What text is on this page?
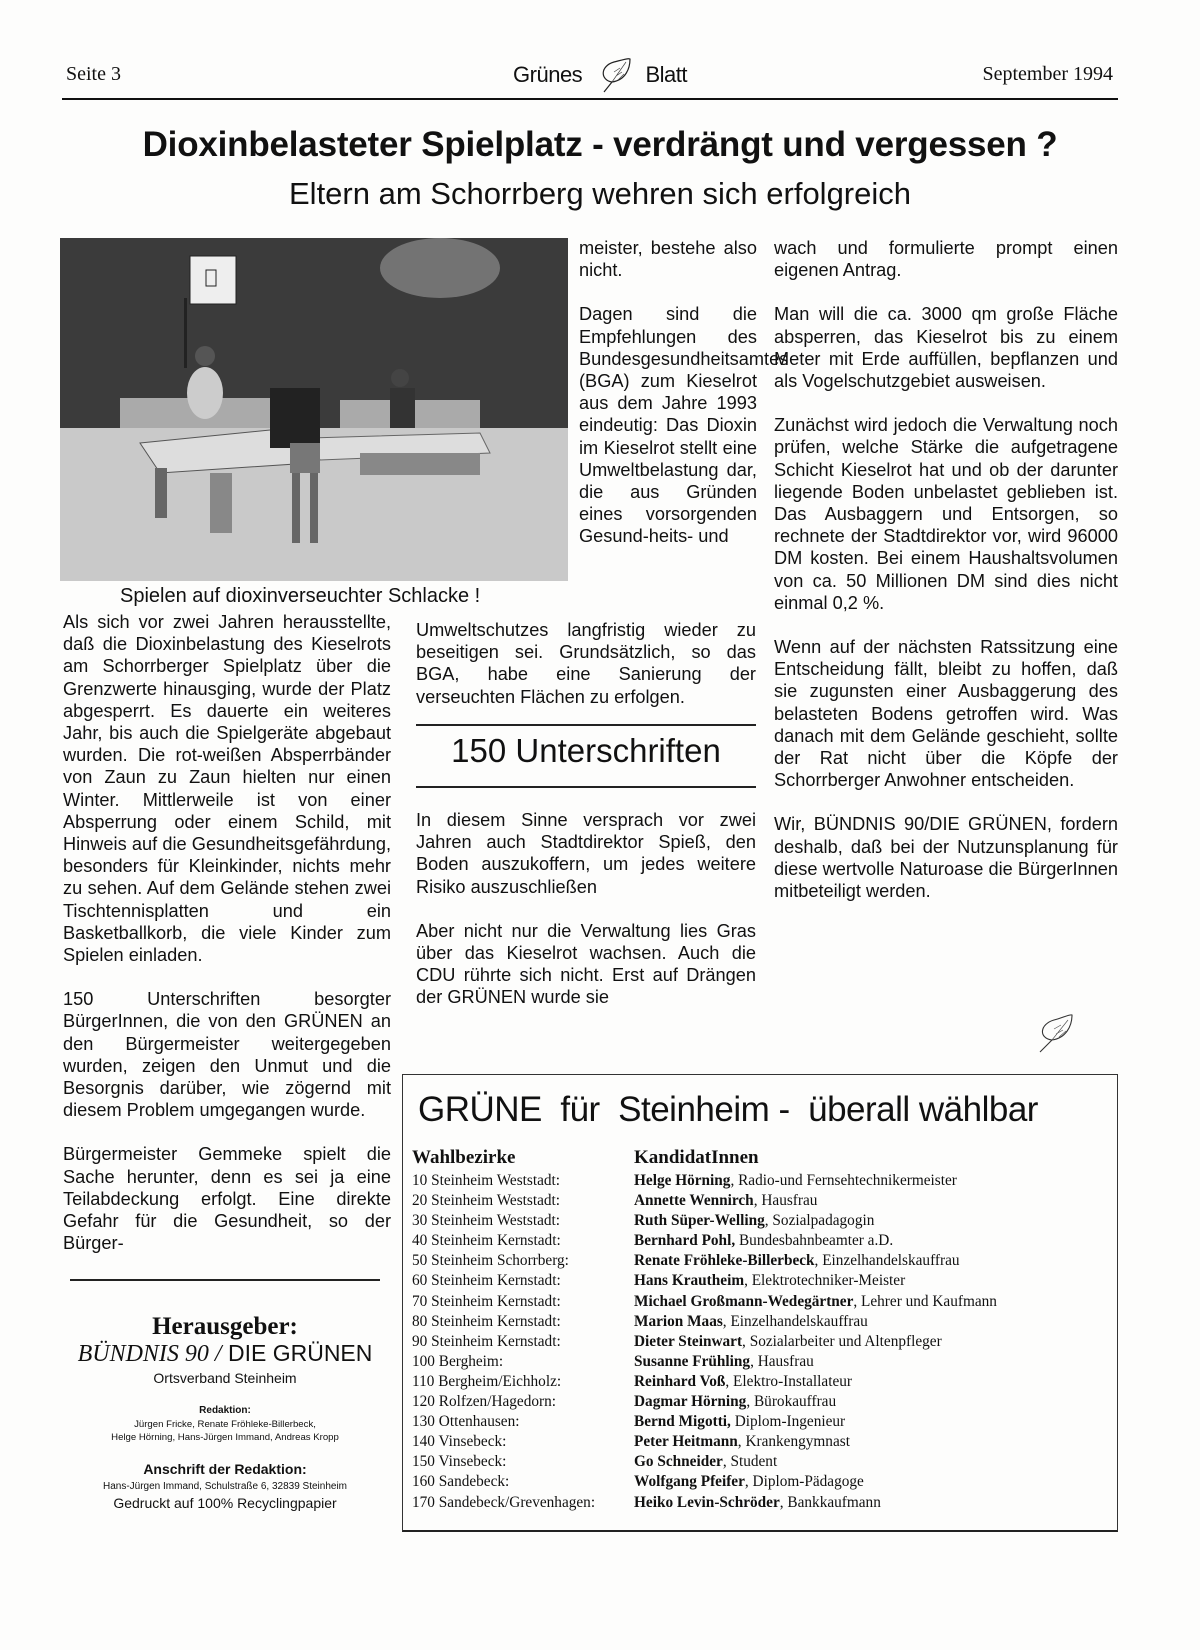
Seite 3	Grünes	Blatt	September 1994
Dioxinbelasteter Spielplatz - verdrängt und vergessen ?
Eltern am Schorrberg wehren sich erfolgreich
Spielen auf dioxinverseuchter Schlacke !

Als sich vor zwei Jahren herausstellte, daß die Dioxinbelastung des Kieselrots am Schorrberger Spielplatz über die Grenzwerte hinausging, wurde der Platz abgesperrt. Es dauerte ein weiteres Jahr, bis auch die Spielgeräte abgebaut wurden. Die rot-weißen Absperrbänder von Zaun zu Zaun hielten nur einen Winter. Mittlerweile ist von einer Absperrung oder einem Schild, mit Hinweis auf die Gesundheitsgefährdung, besonders für Kleinkinder, nichts mehr zu sehen. Auf dem Gelände stehen zwei Tischtennisplatten und ein Basketballkorb, die viele Kinder zum Spielen einladen.

150 Unterschriften besorgter BürgerInnen, die von den GRÜNEN an den Bürgermeister weitergegeben wurden, zeigen den Unmut und die Besorgnis darüber, wie zögernd mit diesem Problem umgegangen wurde.

Bürgermeister Gemmeke spielt die Sache herunter, denn es sei ja eine Teilabdeckung erfolgt. Eine direkte Gefahr für die Gesundheit, so der Bürger-

meister, bestehe also nicht.

Dagen sind die Empfehlungen des Bundesgesundheitsamtes (BGA) zum Kieselrot aus dem Jahre 1993 eindeutig: Das Dioxin im Kieselrot stellt eine Umweltbelastung dar, die aus Gründen eines vorsorgenden Gesund-heits- und

Umweltschutzes langfristig wieder zu beseitigen sei. Grundsätzlich, so das BGA, habe eine Sanierung der verseuchten Flächen zu erfolgen.

150 Unterschriften

In diesem Sinne versprach vor zwei Jahren auch Stadtdirektor Spieß, den Boden auszukoffern, um jedes weitere Risiko auszuschließen

Aber nicht nur die Verwaltung lies Gras über das Kieselrot wachsen. Auch die CDU rührte sich nicht. Erst auf Drängen der GRÜNEN wurde sie

wach und formulierte prompt einen eigenen Antrag.

Man will die ca. 3000 qm große Fläche absperren, das Kieselrot bis zu einem Meter mit Erde auffüllen, bepflanzen und als Vogelschutzgebiet ausweisen.

Zunächst wird jedoch die Verwaltung noch prüfen, welche Stärke die aufgetragene Schicht Kieselrot hat und ob der darunter liegende Boden unbelastet geblieben ist. Das Ausbaggern und Entsorgen, so rechnete der Stadtdirektor vor, wird 96000 DM kosten. Bei einem Haushaltsvolumen von ca. 50 Millionen DM sind dies nicht einmal 0,2 %.

Wenn auf der nächsten Ratssitzung eine Entscheidung fällt, bleibt zu hoffen, daß sie zugunsten einer Ausbaggerung des belasteten Bodens getroffen wird. Was danach mit dem Gelände geschieht, sollte der Rat nicht über die Köpfe der Schorrberger Anwohner entscheiden.

Wir, BÜNDNIS 90/DIE GRÜNEN, fordern deshalb, daß bei der Nutzunsplanung für diese wertvolle Naturoase die BürgerInnen mitbeteiligt werden.

Herausgeber:
BÜNDNIS 90 / DIE GRÜNEN
Ortsverband Steinheim
Redaktion:
Jürgen Fricke, Renate Fröhleke-Billerbeck,
Helge Hörning, Hans-Jürgen Immand, Andreas Kropp
Anschrift der Redaktion:
Hans-Jürgen Immand, Schulstraße 6, 32839 Steinheim
Gedruckt auf 100% Recyclingpapier
GRÜNE  für  Steinheim -  überall wählbar
Wahlbezirke	KandidatInnen
10 Steinheim Weststadt:	Helge Hörning, Radio-und Fernsehtechnikermeister
20 Steinheim Weststadt:	Annette Wennirch, Hausfrau
30 Steinheim Weststadt:	Ruth Süper-Welling, Sozialpadagogin
40 Steinheim Kernstadt:	Bernhard Pohl, Bundesbahnbeamter a.D.
50 Steinheim Schorrberg:	Renate Fröhleke-Billerbeck, Einzelhandelskauffrau
60 Steinheim Kernstadt:	Hans Krautheim, Elektrotechniker-Meister
70 Steinheim Kernstadt:	Michael Großmann-Wedegärtner, Lehrer und Kaufmann
80 Steinheim Kernstadt:	Marion Maas, Einzelhandelskauffrau
90 Steinheim Kernstadt:	Dieter Steinwart, Sozialarbeiter und Altenpfleger
100 Bergheim:	Susanne Frühling, Hausfrau
110 Bergheim/Eichholz:	Reinhard Voß, Elektro-Installateur
120 Rolfzen/Hagedorn:	Dagmar Hörning, Bürokauffrau
130 Ottenhausen:	Bernd Migotti, Diplom-Ingenieur
140 Vinsebeck:	Peter Heitmann, Krankengymnast
150 Vinsebeck:	Go Schneider, Student
160 Sandebeck:	Wolfgang Pfeifer, Diplom-Pädagoge
170 Sandebeck/Grevenhagen:	Heiko Levin-Schröder, Bankkaufmann
